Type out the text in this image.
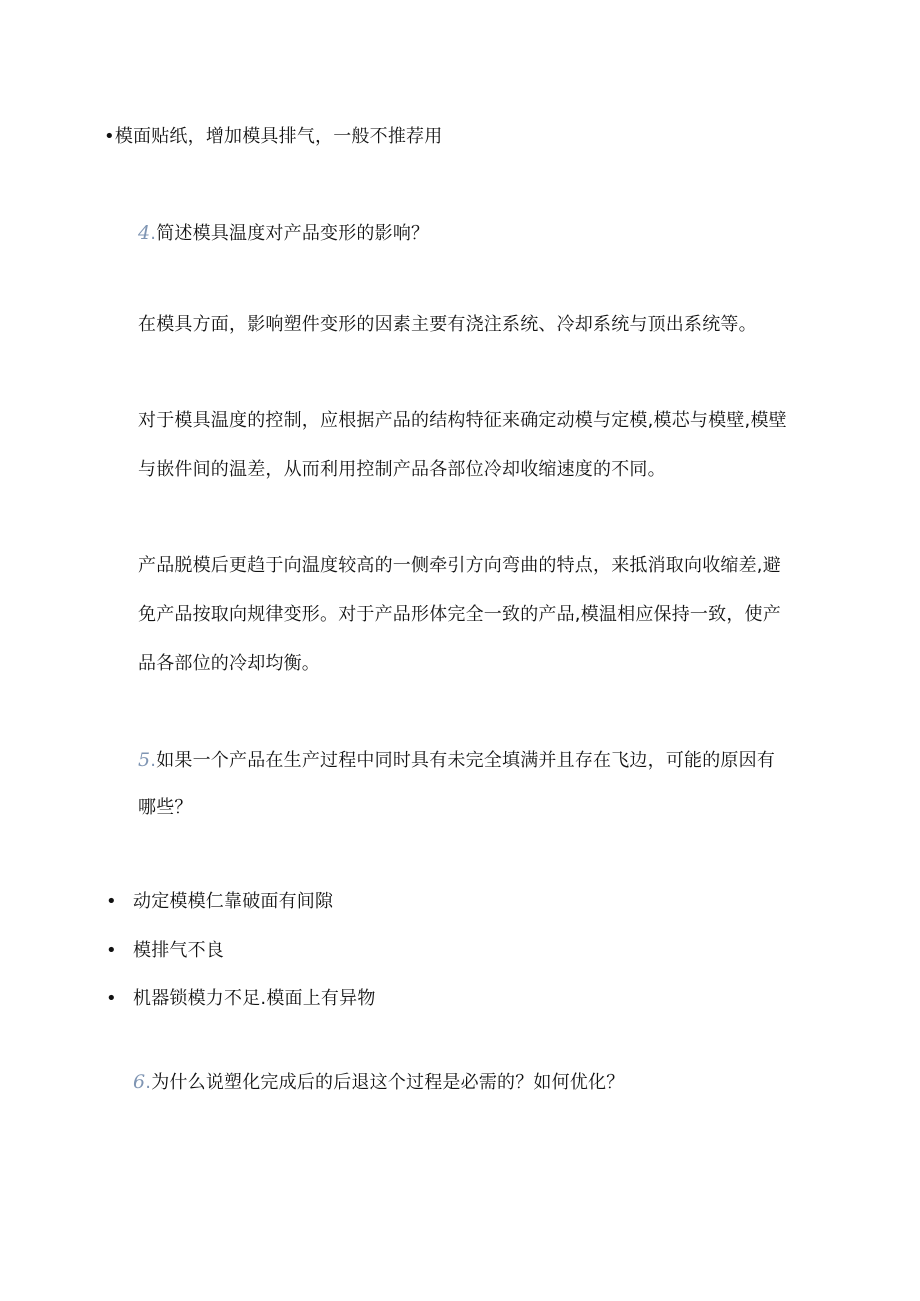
•模面贴纸，增加模具排气，一般不推荐用
4.简述模具温度对产品变形的影响？
在模具方面，影响塑件变形的因素主要有浇注系统、冷却系统与顶出系统等。
对于模具温度的控制，应根据产品的结构特征来确定动模与定模,模芯与模壁,模壁
与嵌件间的温差，从而利用控制产品各部位冷却收缩速度的不同。
产品脱模后更趋于向温度较高的一侧牵引方向弯曲的特点，来抵消取向收缩差,避
免产品按取向规律变形。对于产品形体完全一致的产品,模温相应保持一致，使产
品各部位的冷却均衡。
5.如果一个产品在生产过程中同时具有未完全填满并且存在飞边，可能的原因有
哪些？
• 动定模模仁靠破面有间隙
• 模排气不良
• 机器锁模力不足.模面上有异物
6.为什么说塑化完成后的后退这个过程是必需的？如何优化？
